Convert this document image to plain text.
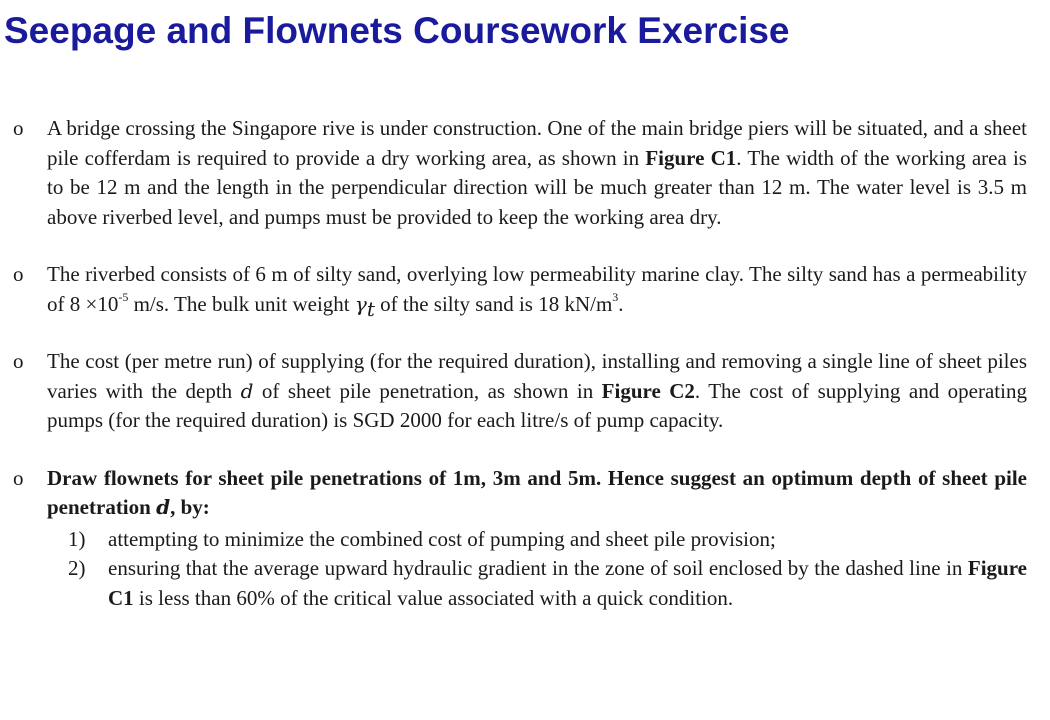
Seepage and Flownets Coursework Exercise
o A bridge crossing the Singapore rive is under construction. One of the main bridge piers will be situated, and a sheet pile cofferdam is required to provide a dry working area, as shown in Figure C1. The width of the working area is to be 12 m and the length in the perpendicular direction will be much greater than 12 m. The water level is 3.5 m above riverbed level, and pumps must be provided to keep the working area dry.

o The riverbed consists of 6 m of silty sand, overlying low permeability marine clay. The silty sand has a permeability of $8 \times 10^{-5}$ m/s. The bulk unit weight $\gamma_t$ of the silty sand is 18 $kN/m^3$.

o The cost (per metre run) of supplying (for the required duration), installing and removing a single line of sheet piles varies with the depth d of sheet pile penetration, as shown in Figure C2. The cost of supplying and operating pumps (for the required duration) is SGD 2000 for each litre/s of pump capacity.

o Draw flownets for sheet pile penetrations of 1m, 3m and 5m. Hence suggest an optimum depth of sheet pile penetration d, by:

1) attempting to minimize the combined cost of pumping and sheet pile provision;
2) ensuring that the average upward hydraulic gradient in the zone of soil enclosed by the dashed line in Figure C1 is less than 60% of the critical value associated with a quick condition.
